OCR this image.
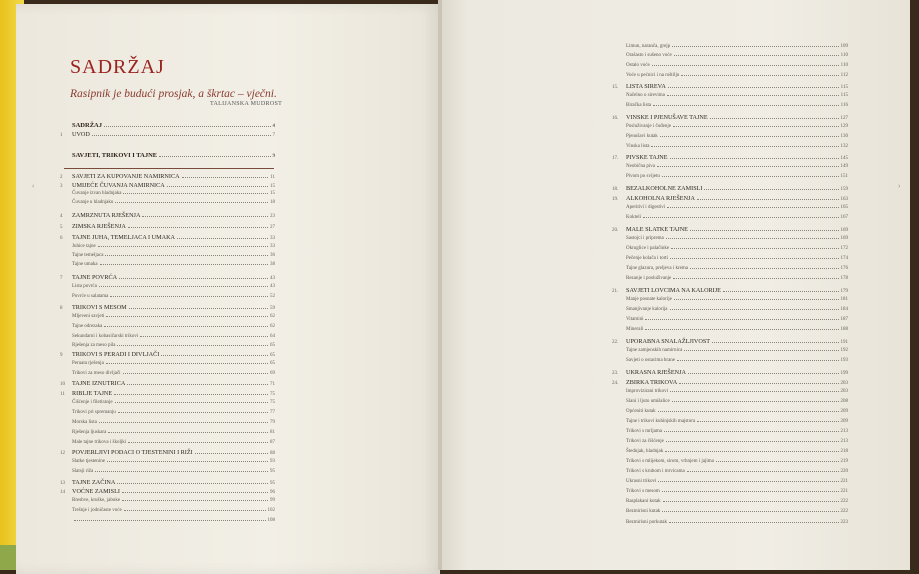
SADRŽAJ
Rasipnik je budući prosjak, a škrtac – vječni.
TALIJANSKA MUDROST
‹	›
SADRŽAJ	4
1	UVOD	7
SAVJETI, TRIKOVI I TAJNE	9
2	SAVJETI ZA KUPOVANJE NAMIRNICA	11
3	UMIJEĆE ČUVANJA NAMIRNICA	15
Čuvanje izvan hladnjaka	15
Čuvanje u hladnjaku	18
4	ZAMRZNUTA RJEŠENJA	23
5	ZIMSKA RJEŠENJA	27
6	TAJNE JUHA, TEMELJACA I UMAKA	33
Juhice tajne	33
Tajne temeljaca	36
Tajne umaka	38
7	TAJNE POVRĆA	43
Lista povrća	43
Povrće u salatama	52
8	TRIKOVI S MESOM	59
Mljeveni savjeti	62
Tajne odrezaka	62
Sekundarni i kobasičarski trikovi	64
Rješenja za meso pila	65
9	TRIKOVI S PERADI I DIVLJAČI	65
Peruata rješenja	65
Trikovi za meso divljači	69
10	TAJNE IZNUTRICA	71
11	RIBLJE TAJNE	75
Čišćenje i filetiranje	75
Trikovi pri spremanju	77
Morska lista	79
Rješenja ljuskara	81
Male tajne trikova i školjki	87
12	POVJERLJIVI PODACI O TJESTENINI I RIŽI	88
Slatke tjestenine	93
Slatsji riža	95
13	TAJNE ZAČINA	95
14	VOĆNE ZAMISLI	96
Bresbve, kruške, jabuke	99
Trešnje i jodničaste voće	102
108
Limun, naranča, grejp	109
Orašasto i sušeno voće	110
Ostalo voće	110
Voće u pećnici i na roštilju	112
15.	LISTA SIREVA	115
Načelno o sirevima	115
Biračka lista	116
16.	VINSKE I PJENUŠAVE TAJNE	127
Posluživanje i čuđenje	129
Pjenušavi kutak	130
Vinska lista	132
17.	PIVSKE TAJNE	145
Neobična piva	149
Pivom po svijetu	151
18.	BEZALKOHOLNE ZAMISLI	159
19.	ALKOHOLNA RJEŠENJA	163
Aperitivi i digestivi	165
Kokteli	167
20.	MALE SLATKE TAJNE	169
Sastojci i priprema	169
Okruglice i palačinke	172
Pečenje kolača i torti	174
Tajne glazura, preljeva i krema	176
Rezanje i posluživanje	178
21.	SAVJETI LOVCIMA NA KALORIJE	179
Manje posnate kalorije	181
Smanjivanje kalorija	184
Vitamini	187
Minerali	188
22.	UPORABNA SNALAŽLJIVOST	191
Tajne zamjenskih namirnica	192
Savjeti o ostacima hrane	193
23.	UKRASNA RJEŠENJA	199
24.	ZBIRKA TRIKOVA	203
Improvizirani trikovi	203
Slani i ljuto umišalice	208
Općeniti kutak	209
Tajne i trikovi kuhinjskih majstora	209
Trikovi s mrljama	213
Trikovi za čišćenje	213
Štednjak, hladnjak	218
Trikovi s mlijekom, sirom, vrhnjem i jajima	219
Trikovi s kruhom i mrvicama	220
Ukrasni trikovi	221
Trikovi s mesom	221
Rasplakani kutak	222
Bezmirisni kutak	222
Bezmirisni porkutak	223
